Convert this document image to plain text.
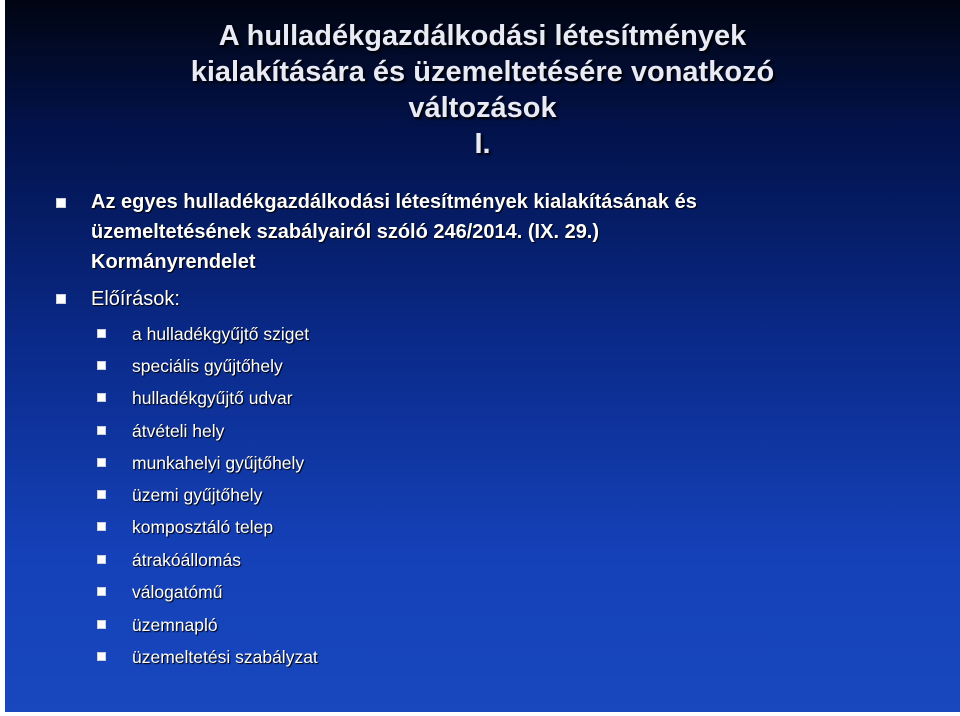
A hulladékgazdálkodási létesítmények
kialakítására és üzemeltetésére vonatkozó
változások
I.
Az egyes hulladékgazdálkodási létesítmények kialakításának és
üzemeltetésének szabályairól szóló 246/2014. (IX. 29.)
Kormányrendelet
Előírások:
a hulladékgyűjtő sziget
speciális gyűjtőhely
hulladékgyűjtő udvar
átvételi hely
munkahelyi gyűjtőhely
üzemi gyűjtőhely
komposztáló telep
átrakóállomás
válogatómű
üzemnapló
üzemeltetési szabályzat
